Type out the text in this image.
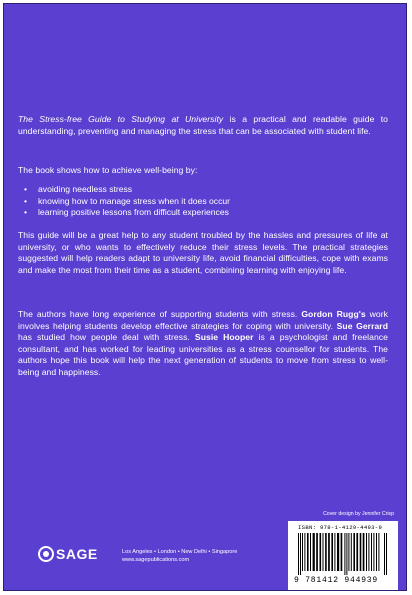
The Stress-free Guide to Studying at University is a practical and readable guide to understanding, preventing and managing the stress that can be associated with student life.
The book shows how to achieve well-being by:
• avoiding needless stress
• knowing how to manage stress when it does occur
• learning positive lessons from difficult experiences
This guide will be a great help to any student troubled by the hassles and pressures of life at university, or who wants to effectively reduce their stress levels. The practical strategies suggested will help readers adapt to university life, avoid financial difficulties, cope with exams and make the most from their time as a student, combining learning with enjoying life.
The authors have long experience of supporting students with stress. Gordon Rugg's work involves helping students develop effective strategies for coping with university. Sue Gerrard has studied how people deal with stress. Susie Hooper is a psychologist and freelance consultant, and has worked for leading universities as a stress counsellor for students. The authors hope this book will help the next generation of students to move from stress to well-being and happiness.
Cover design by Jennifer Crisp
SAGE	Los Angeles • London • New Delhi • Singapore
www.sagepublications.com
ISBN: 978-1-4129-4493-9
9 781412 944939
